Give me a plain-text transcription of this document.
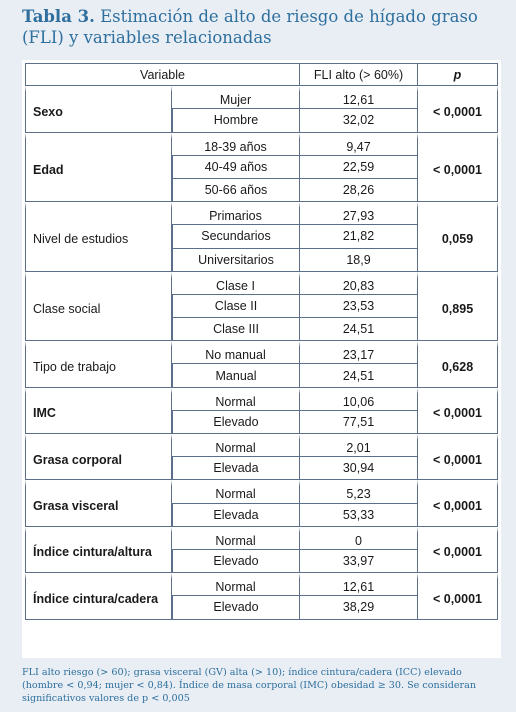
Tabla 3. Estimación de alto de riesgo de hígado graso (FLI) y variables relacionadas
Variable		FLI alto (> 60%)	p
Sexo	Mujer	12,61	< 0,0001
	Hombre	32,02	
Edad	18-39 años	9,47	< 0,0001
	40-49 años	22,59	
	50-66 años	28,26	
Nivel de estudios	Primarios	27,93	0,059
	Secundarios	21,82	
	Universitarios	18,9	
Clase social	Clase I	20,83	0,895
	Clase II	23,53	
	Clase III	24,51	
Tipo de trabajo	No manual	23,17	0,628
	Manual	24,51	
IMC	Normal	10,06	< 0,0001
	Elevado	77,51	
Grasa corporal	Normal	2,01	< 0,0001
	Elevada	30,94	
Grasa visceral	Normal	5,23	< 0,0001
	Elevada	53,33	
Índice cintura/altura	Normal	0	< 0,0001
	Elevado	33,97	
Índice cintura/cadera	Normal	12,61	< 0,0001
	Elevado	38,29	
FLI alto riesgo (> 60); grasa visceral (GV) alta (> 10); índice cintura/cadera (ICC) elevado (hombre < 0,94; mujer < 0,84). Índice de masa corporal (IMC) obesidad ≥ 30. Se consideran significativos valores de p < 0,005
